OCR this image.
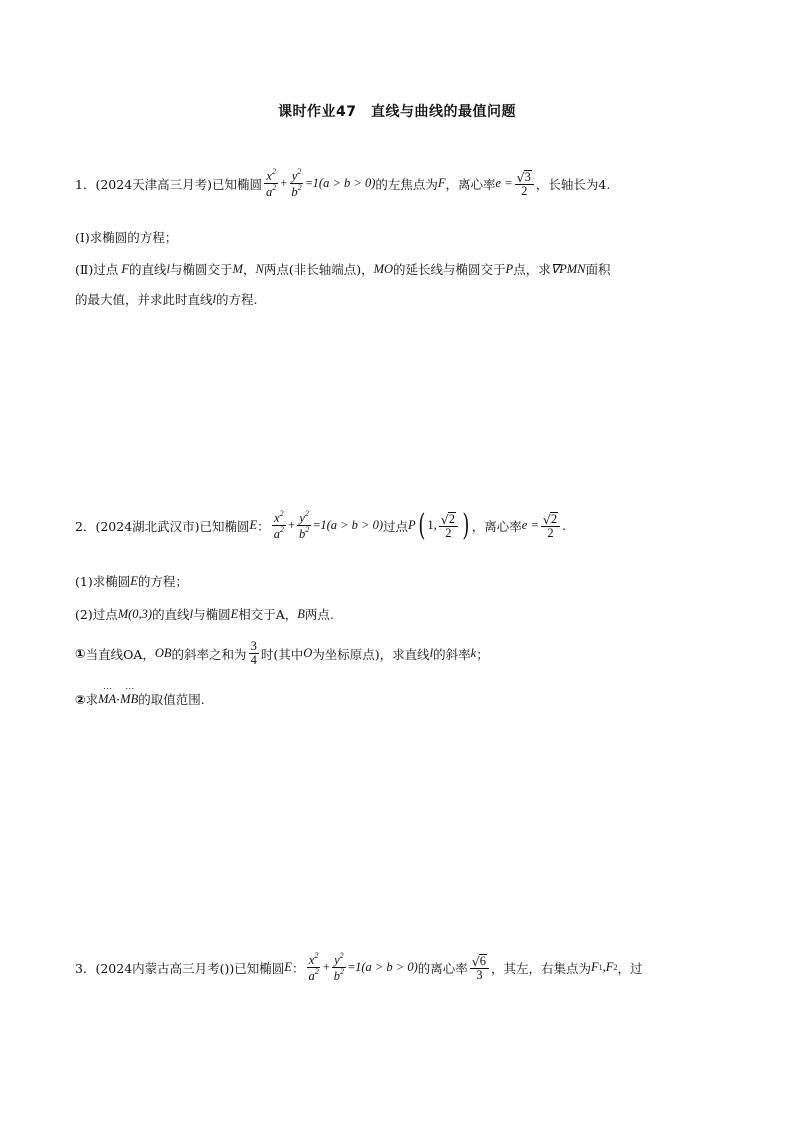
课时作业47　直线与曲线的最值问题
1． (2024天津高三月考) 已知椭圆 $\frac{x^2}{a^2} + \frac{y^2}{b^2} = 1(a > b > 0)$ 的左焦点为 F ，离心率 $e = \frac{√ 3}{2}$ ，长轴长为4.
(Ⅰ)求椭圆的方程；
(Ⅱ)过点
F 的直线 l 与椭圆交于 M ， N 两点(非长轴端点)， MO 的延长线与椭圆交于 P 点，求 ∇PMN 面积
的最大值，并求此时直线 l 的方程.
2． (2024湖北武汉市) 已知椭圆 E ： $\frac{x^2}{a^2} + \frac{y^2}{b^2} = 1(a > b > 0)$ 过点 P ( 1, $\frac{√ 2}{2}$ ) ，离心率 $e = \frac{√ 2}{2}$ .
(1)求椭圆 E 的方程；
(2)过点 M(0,3) 的直线 l 与椭圆 E 相交于A， B 两点.
① 当直线OA， OB 的斜率之和为 $\frac{3}{4}$ 时(其中 O 为坐标原点)，求直线 l 的斜率 k ；
② 求 ⋯ MA · ⋯ MB 的取值范围.
3． (2024内蒙古高三月考()) 已知椭圆 E ： $\frac{x^2}{a^2} + \frac{y^2}{b^2} = 1(a > b > 0)$ 的离心率 $\frac{√ 6}{3}$ ，其左，右集点为 F 1 , F 2 ，过
